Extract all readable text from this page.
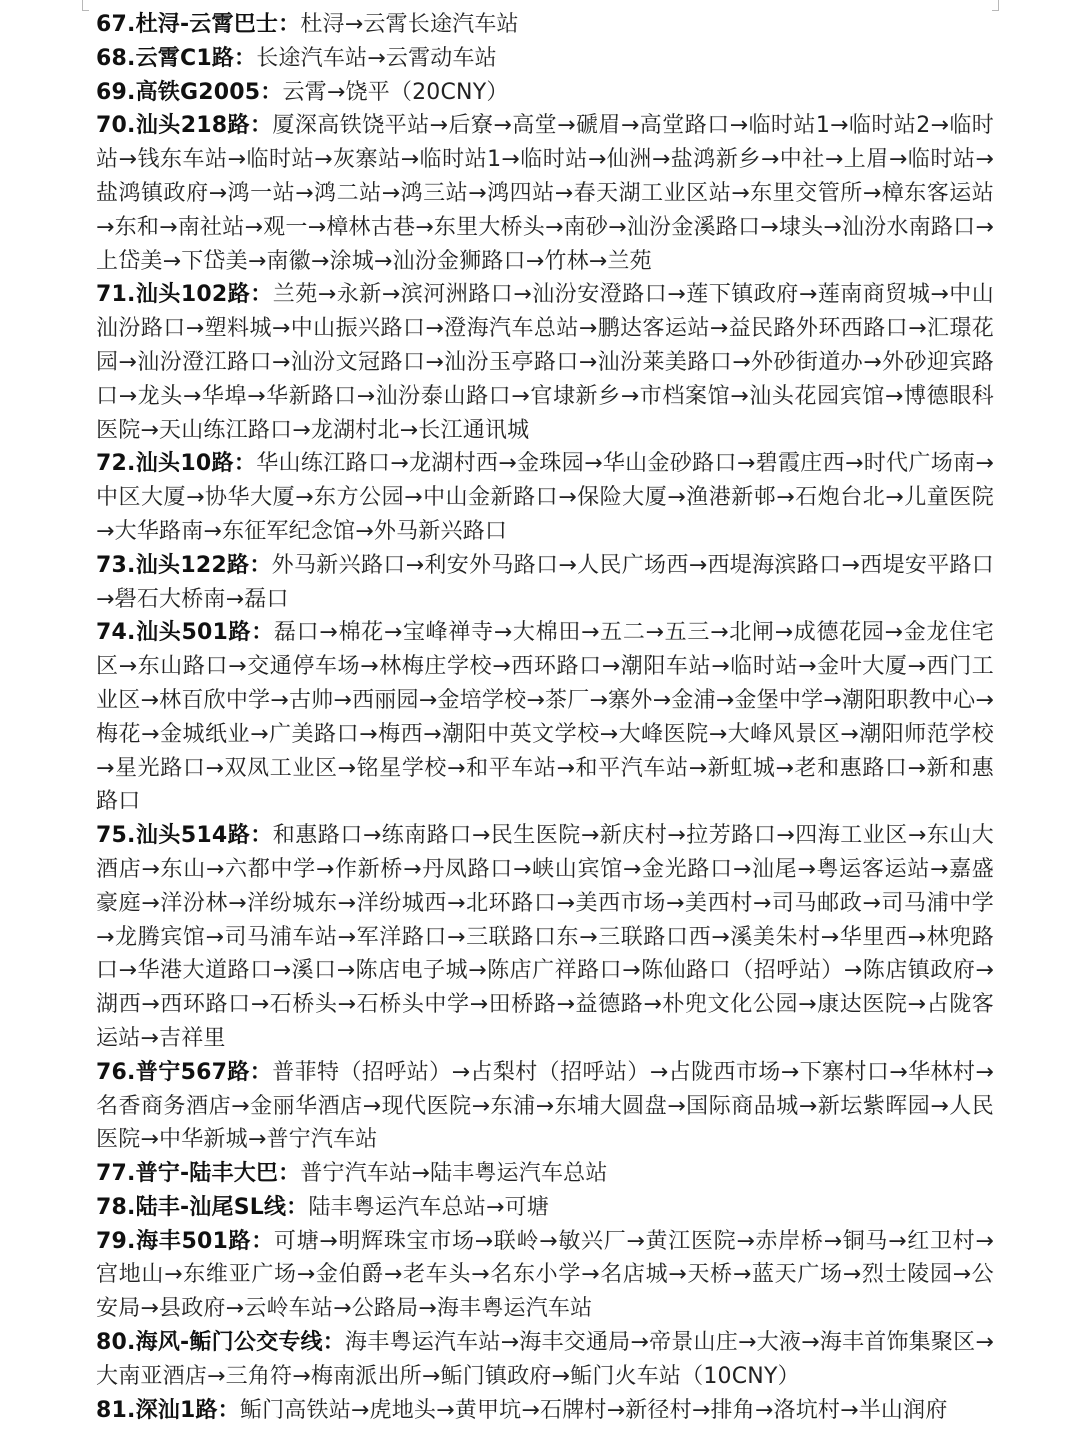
67.杜浔-云霄巴士：杜浔→云霄长途汽车站

68.云霄C1路：长途汽车站→云霄动车站

69.高铁G2005：云霄→饶平（20CNY）

70.汕头218路：厦深高铁饶平站→后寮→高堂→磃眉→高堂路口→临时站1→临时站2→临时站→钱东车站→临时站→灰寨站→临时站1→临时站→仙洲→盐鸿新乡→中社→上眉→临时站→盐鸿镇政府→鸿一站→鸿二站→鸿三站→鸿四站→春天湖工业区站→东里交管所→樟东客运站→东和→南社站→观一→樟林古巷→东里大桥头→南砂→汕汾金溪路口→埭头→汕汾水南路口→上岱美→下岱美→南徽→涂城→汕汾金狮路口→竹林→兰苑

71.汕头102路：兰苑→永新→滨河洲路口→汕汾安澄路口→莲下镇政府→莲南商贸城→中山汕汾路口→塑料城→中山振兴路口→澄海汽车总站→鹏达客运站→益民路外环西路口→汇璟花园→汕汾澄江路口→汕汾文冠路口→汕汾玉亭路口→汕汾莱美路口→外砂街道办→外砂迎宾路口→龙头→华埠→华新路口→汕汾泰山路口→官埭新乡→市档案馆→汕头花园宾馆→博德眼科医院→天山练江路口→龙湖村北→长江通讯城

72.汕头10路：华山练江路口→龙湖村西→金珠园→华山金砂路口→碧霞庄西→时代广场南→中区大厦→协华大厦→东方公园→中山金新路口→保险大厦→渔港新邨→石炮台北→儿童医院→大华路南→东征军纪念馆→外马新兴路口

73.汕头122路：外马新兴路口→利安外马路口→人民广场西→西堤海滨路口→西堤安平路口→礐石大桥南→磊口

74.汕头501路：磊口→棉花→宝峰禅寺→大棉田→五二→五三→北闸→成德花园→金龙住宅区→东山路口→交通停车场→林梅庄学校→西环路口→潮阳车站→临时站→金叶大厦→西门工业区→林百欣中学→古帅→西丽园→金培学校→茶厂→寨外→金浦→金堡中学→潮阳职教中心→梅花→金城纸业→广美路口→梅西→潮阳中英文学校→大峰医院→大峰风景区→潮阳师范学校→星光路口→双凤工业区→铭星学校→和平车站→和平汽车站→新虹城→老和惠路口→新和惠路口

75.汕头514路：和惠路口→练南路口→民生医院→新庆村→拉芳路口→四海工业区→东山大酒店→东山→六都中学→作新桥→丹凤路口→峡山宾馆→金光路口→汕尾→粤运客运站→嘉盛豪庭→洋汾林→洋纷城东→洋纷城西→北环路口→美西市场→美西村→司马邮政→司马浦中学→龙腾宾馆→司马浦车站→军洋路口→三联路口东→三联路口西→溪美朱村→华里西→林兜路口→华港大道路口→溪口→陈店电子城→陈店广祥路口→陈仙路口（招呼站）→陈店镇政府→湖西→西环路口→石桥头→石桥头中学→田桥路→益德路→朴兜文化公园→康达医院→占陇客运站→吉祥里

76.普宁567路：普菲特（招呼站）→占梨村（招呼站）→占陇西市场→下寨村口→华林村→名香商务酒店→金丽华酒店→现代医院→东浦→东埔大圆盘→国际商品城→新坛紫晖园→人民医院→中华新城→普宁汽车站

77.普宁-陆丰大巴：普宁汽车站→陆丰粤运汽车总站

78.陆丰-汕尾SL线：陆丰粤运汽车总站→可塘

79.海丰501路：可塘→明辉珠宝市场→联岭→敏兴厂→黄江医院→赤岸桥→铜马→红卫村→宫地山→东维亚广场→金伯爵→老车头→名东小学→名店城→天桥→蓝天广场→烈士陵园→公安局→县政府→云岭车站→公路局→海丰粤运汽车站

80.海风-鲘门公交专线：海丰粤运汽车站→海丰交通局→帝景山庄→大液→海丰首饰集聚区→大南亚酒店→三角符→梅南派出所→鲘门镇政府→鲘门火车站（10CNY）

81.深汕1路：鲘门高铁站→虎地头→黄甲坑→石牌村→新径村→排角→洛坑村→半山润府
